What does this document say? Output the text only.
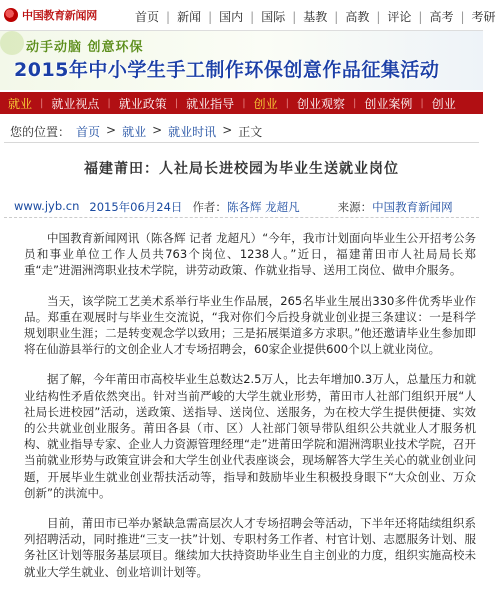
中国教育新闻网	首页 | 新闻 | 国内 | 国际 | 基教 | 高教 | 评论 | 高考 | 考研
动手动脑 创意环保
2015年中小学生手工制作环保创意作品征集活动
就业 | 就业视点 | 就业政策 | 就业指导 | 创业 | 创业观察 | 创业案例 | 创业
您的位置： 首页 > 就业 > 就业时讯 > 正文
福建莆田：人社局长进校园为毕业生送就业岗位
www.jyb.cn 2015年06月24日 作者： 陈各辉 龙超凡	来源： 中国教育新闻网

中国教育新闻网讯（陈各辉 记者 龙超凡）“今年，我市计划面向毕业生公开招考公务员和事业单位工作人员共763个岗位、1238人。”近日，福建莆田市人社局局长郑重“走”进湄洲湾职业技术学院，讲劳动政策、作就业指导、送用工岗位、做申介服务。

当天，该学院工艺美术系举行毕业生作品展，265名毕业生展出330多件优秀毕业作品。郑重在观展时与毕业生交流说，“我对你们今后投身就业创业提三条建议：一是科学规划职业生涯；二是转变观念学以致用；三是拓展渠道多方求职。”他还邀请毕业生参加即将在仙游县举行的文创企业人才专场招聘会，60家企业提供600个以上就业岗位。

据了解，今年莆田市高校毕业生总数达2.5万人，比去年增加0.3万人，总量压力和就业结构性矛盾依然突出。针对当前严峻的大学生就业形势，莆田市人社部门组织开展“人社局长进校园”活动，送政策、送指导、送岗位、送服务，为在校大学生提供便捷、实效的公共就业创业服务。莆田各县（市、区）人社部门领导带队组织公共就业人才服务机构、就业指导专家、企业人力资源管理经理“走”进莆田学院和湄洲湾职业技术学院，召开当前就业形势与政策宣讲会和大学生创业代表座谈会，现场解答大学生关心的就业创业问题，开展毕业生就业创业帮扶活动等，指导和鼓励毕业生积极投身眼下“大众创业、万众创新”的洪流中。

目前，莆田市已举办紧缺急需高层次人才专场招聘会等活动，下半年还将陆续组织系列招聘活动，同时推进“三支一扶”计划、专职村务工作者、村官计划、志愿服务计划、服务社区计划等服务基层项目。继续加大扶持资助毕业生自主创业的力度，组织实施高校未就业大学生就业、创业培训计划等。
